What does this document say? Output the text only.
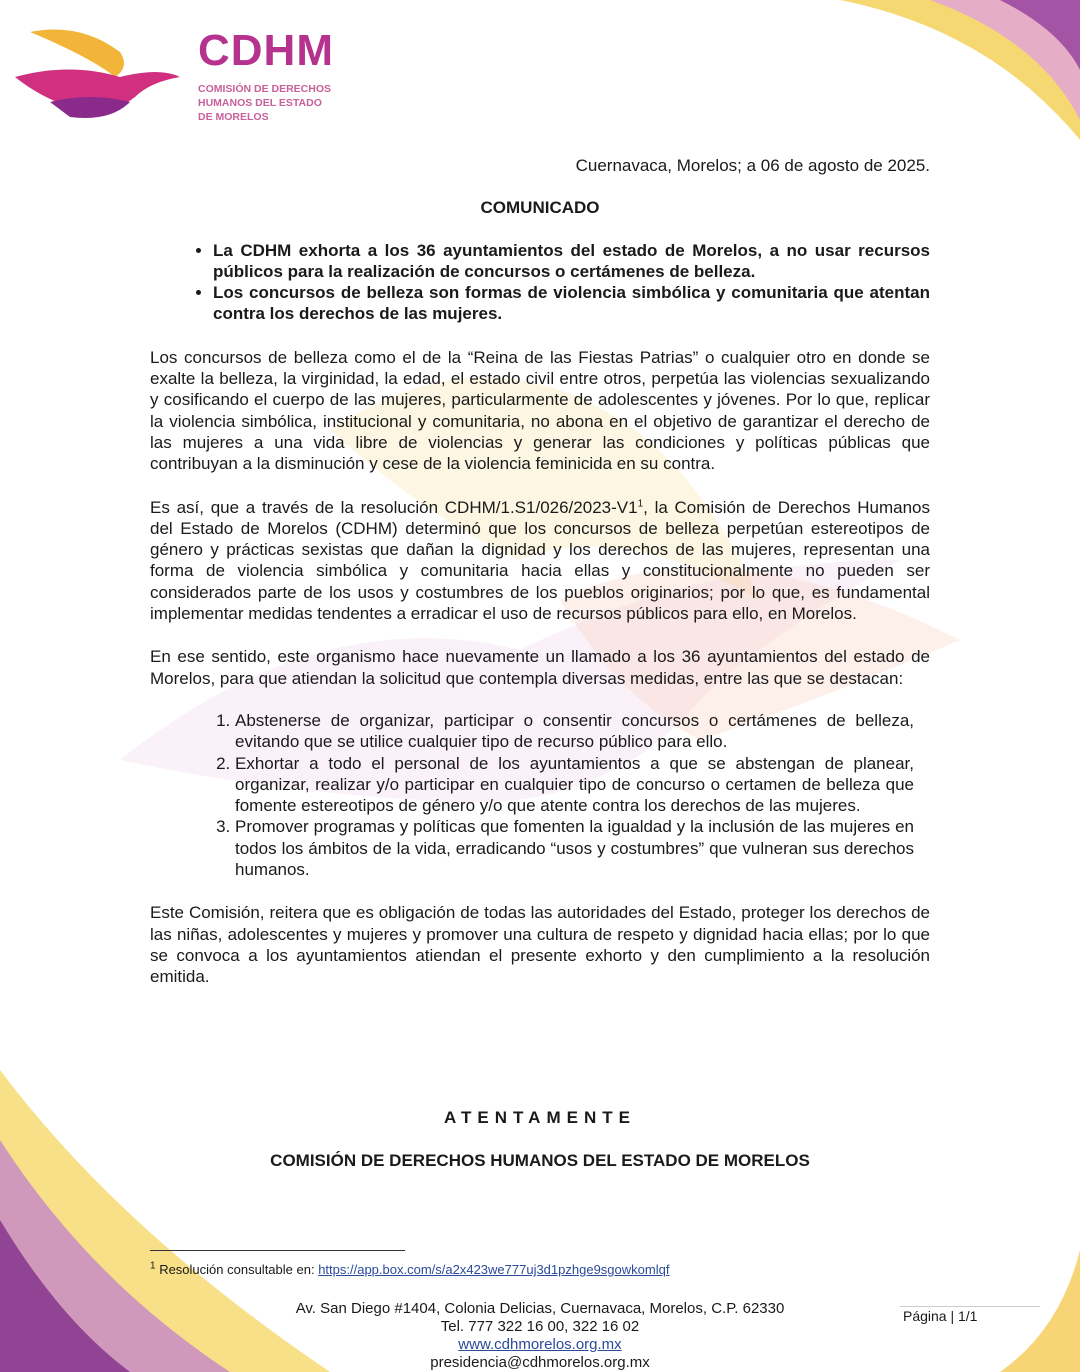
CDHM
COMISIÓN DE DERECHOS
HUMANOS DEL ESTADO
DE MORELOS
Cuernavaca, Morelos; a 06 de agosto de 2025.
COMUNICADO
• La CDHM exhorta a los 36 ayuntamientos del estado de Morelos, a no usar recursos públicos para la realización de concursos o certámenes de belleza.
• Los concursos de belleza son formas de violencia simbólica y comunitaria que atentan contra los derechos de las mujeres.

Los concursos de belleza como el de la “Reina de las Fiestas Patrias” o cualquier otro en donde se exalte la belleza, la virginidad, la edad, el estado civil entre otros, perpetúa las violencias sexualizando y cosificando el cuerpo de las mujeres, particularmente de adolescentes y jóvenes. Por lo que, replicar la violencia simbólica, institucional y comunitaria, no abona en el objetivo de garantizar el derecho de las mujeres a una vida libre de violencias y generar las condiciones y políticas públicas que contribuyan a la disminución y cese de la violencia feminicida en su contra.

Es así, que a través de la resolución CDHM/$1.S1/026/2023-V1^1$, la Comisión de Derechos Humanos del Estado de Morelos (CDHM) determinó que los concursos de belleza perpetúan estereotipos de género y prácticas sexistas que dañan la dignidad y los derechos de las mujeres, representan una forma de violencia simbólica y comunitaria hacia ellas y constitucionalmente no pueden ser considerados parte de los usos y costumbres de los pueblos originarios; por lo que, es fundamental implementar medidas tendentes a erradicar el uso de recursos públicos para ello, en Morelos.

En ese sentido, este organismo hace nuevamente un llamado a los 36 ayuntamientos del estado de Morelos, para que atiendan la solicitud que contempla diversas medidas, entre las que se destacan:

1. Abstenerse de organizar, participar o consentir concursos o certámenes de belleza, evitando que se utilice cualquier tipo de recurso público para ello.
2. Exhortar a todo el personal de los ayuntamientos a que se abstengan de planear, organizar, realizar y/o participar en cualquier tipo de concurso o certamen de belleza que fomente estereotipos de género y/o que atente contra los derechos de las mujeres.
3. Promover programas y políticas que fomenten la igualdad y la inclusión de las mujeres en todos los ámbitos de la vida, erradicando “usos y costumbres” que vulneran sus derechos humanos.

Este Comisión, reitera que es obligación de todas las autoridades del Estado, proteger los derechos de las niñas, adolescentes y mujeres y promover una cultura de respeto y dignidad hacia ellas; por lo que se convoca a los ayuntamientos atiendan el presente exhorto y den cumplimiento a la resolución emitida.

ATENTAMENTE
COMISIÓN DE DERECHOS HUMANOS DEL ESTADO DE MORELOS
$^1$ Resolución consultable en: https://app.box.com/s/a2x423we777uj3d1pzhge9sgowkomlqf
Av. San Diego #1404, Colonia Delicias, Cuernavaca, Morelos, C.P. 62330
Tel. 777 322 16 00, 322 16 02
www.cdhmorelos.org.mx
presidencia@cdhmorelos.org.mx
Página | 1/1
